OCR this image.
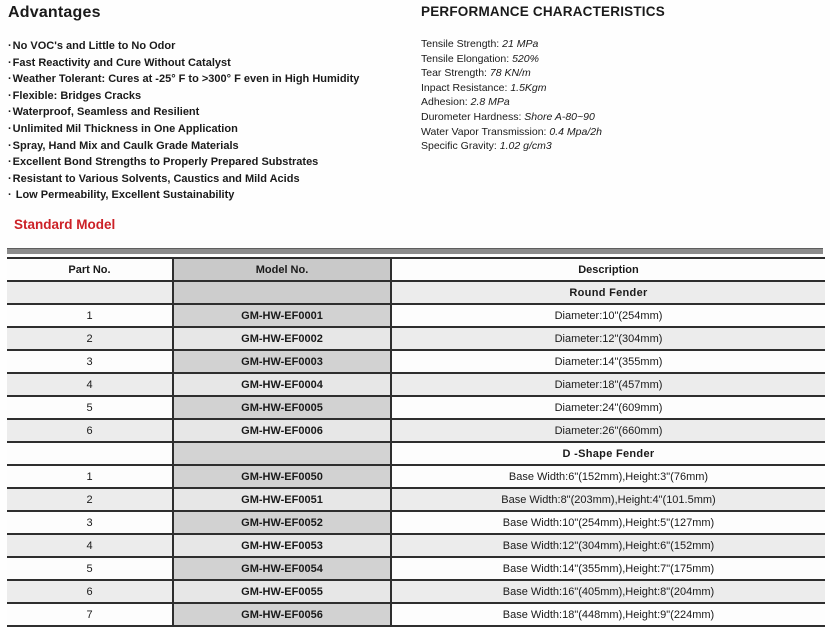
Advantages
·No VOC's and Little to No Odor
·Fast Reactivity and Cure Without Catalyst
·Weather Tolerant: Cures at -25° F to >300° F even in High Humidity
·Flexible: Bridges Cracks
·Waterproof, Seamless and Resilient
·Unlimited Mil Thickness in One Application
·Spray, Hand Mix and Caulk Grade Materials
·Excellent Bond Strengths to Properly Prepared Substrates
·Resistant to Various Solvents, Caustics and Mild Acids
· Low Permeability, Excellent Sustainability
PERFORMANCE CHARACTERISTICS
Tensile Strength: 21 MPa
Tensile Elongation: 520%
Tear Strength: 78 KN/m
Inpact Resistance: 1.5Kgm
Adhesion: 2.8 MPa
Durometer Hardness: Shore A-80~90
Water Vapor Transmission: 0.4 Mpa/2h
Specific Gravity: 1.02 g/cm3
Standard Model
Part No.	Model No.	Description
		Round Fender
1	GM-HW-EF0001	Diameter:10"(254mm)
2	GM-HW-EF0002	Diameter:12"(304mm)
3	GM-HW-EF0003	Diameter:14"(355mm)
4	GM-HW-EF0004	Diameter:18"(457mm)
5	GM-HW-EF0005	Diameter:24"(609mm)
6	GM-HW-EF0006	Diameter:26"(660mm)
		D -Shape Fender
1	GM-HW-EF0050	Base Width:6"(152mm),Height:3"(76mm)
2	GM-HW-EF0051	Base Width:8"(203mm),Height:4"(101.5mm)
3	GM-HW-EF0052	Base Width:10"(254mm),Height:5"(127mm)
4	GM-HW-EF0053	Base Width:12"(304mm),Height:6"(152mm)
5	GM-HW-EF0054	Base Width:14"(355mm),Height:7"(175mm)
6	GM-HW-EF0055	Base Width:16"(405mm),Height:8"(204mm)
7	GM-HW-EF0056	Base Width:18"(448mm),Height:9"(224mm)
